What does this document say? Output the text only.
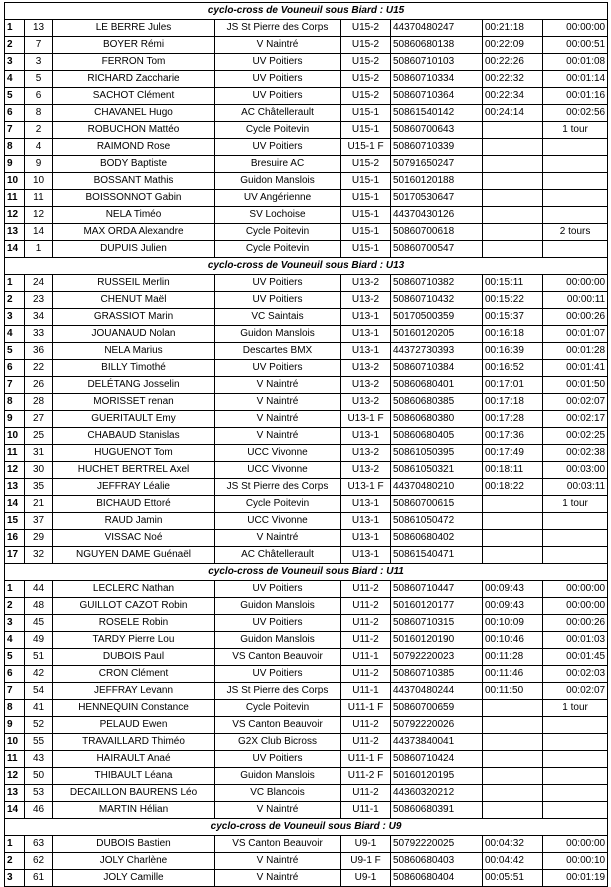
cyclo-cross de Vouneuil sous Biard : U15							
1	13	LE BERRE Jules	JS St Pierre des Corps	U15-2	44370480247	00:21:18	00:00:00
2	7	BOYER Rémi	V Naintré	U15-2	50860680138	00:22:09	00:00:51
3	3	FERRON Tom	UV Poitiers	U15-2	50860710103	00:22:26	00:01:08
4	5	RICHARD Zaccharie	UV Poitiers	U15-2	50860710334	00:22:32	00:01:14
5	6	SACHOT Clément	UV Poitiers	U15-2	50860710364	00:22:34	00:01:16
6	8	CHAVANEL Hugo	AC Châtellerault	U15-1	50861540142	00:24:14	00:02:56
7	2	ROBUCHON Mattéo	Cycle Poitevin	U15-1	50860700643		1 tour
8	4	RAIMOND Rose	UV Poitiers	U15-1 F	50860710339		
9	9	BODY Baptiste	Bresuire AC	U15-2	50791650247		
10	10	BOSSANT Mathis	Guidon Manslois	U15-1	50160120188		
11	11	BOISSONNOT Gabin	UV Angérienne	U15-1	50170530647		
12	12	NELA Timéo	SV Lochoise	U15-1	44370430126		
13	14	MAX ORDA Alexandre	Cycle Poitevin	U15-1	50860700618		2 tours
14	1	DUPUIS Julien	Cycle Poitevin	U15-1	50860700547		
cyclo-cross de Vouneuil sous Biard : U13							
1	24	RUSSEIL Merlin	UV Poitiers	U13-2	50860710382	00:15:11	00:00:00
2	23	CHENUT Maël	UV Poitiers	U13-2	50860710432	00:15:22	00:00:11
3	34	GRASSIOT Marin	VC Saintais	U13-1	50170500359	00:15:37	00:00:26
4	33	JOUANAUD Nolan	Guidon Manslois	U13-1	50160120205	00:16:18	00:01:07
5	36	NELA Marius	Descartes BMX	U13-1	44372730393	00:16:39	00:01:28
6	22	BILLY Timothé	UV Poitiers	U13-2	50860710384	00:16:52	00:01:41
7	26	DELÉTANG Josselin	V Naintré	U13-2	50860680401	00:17:01	00:01:50
8	28	MORISSET renan	V Naintré	U13-2	50860680385	00:17:18	00:02:07
9	27	GUERITAULT Emy	V Naintré	U13-1 F	50860680380	00:17:28	00:02:17
10	25	CHABAUD Stanislas	V Naintré	U13-1	50860680405	00:17:36	00:02:25
11	31	HUGUENOT Tom	UCC Vivonne	U13-2	50861050395	00:17:49	00:02:38
12	30	HUCHET BERTREL Axel	UCC Vivonne	U13-2	50861050321	00:18:11	00:03:00
13	35	JEFFRAY Léalie	JS St Pierre des Corps	U13-1 F	44370480210	00:18:22	00:03:11
14	21	BICHAUD Ettoré	Cycle Poitevin	U13-1	50860700615		1 tour
15	37	RAUD Jamin	UCC Vivonne	U13-1	50861050472		
16	29	VISSAC Noé	V Naintré	U13-1	50860680402		
17	32	NGUYEN DAME Guénaël	AC Châtellerault	U13-1	50861540471		
cyclo-cross de Vouneuil sous Biard : U11							
1	44	LECLERC Nathan	UV Poitiers	U11-2	50860710447	00:09:43	00:00:00
2	48	GUILLOT CAZOT Robin	Guidon Manslois	U11-2	50160120177	00:09:43	00:00:00
3	45	ROSELE Robin	UV Poitiers	U11-2	50860710315	00:10:09	00:00:26
4	49	TARDY Pierre Lou	Guidon Manslois	U11-2	50160120190	00:10:46	00:01:03
5	51	DUBOIS Paul	VS Canton Beauvoir	U11-1	50792220023	00:11:28	00:01:45
6	42	CRON Clément	UV Poitiers	U11-2	50860710385	00:11:46	00:02:03
7	54	JEFFRAY Levann	JS St Pierre des Corps	U11-1	44370480244	00:11:50	00:02:07
8	41	HENNEQUIN Constance	Cycle Poitevin	U11-1 F	50860700659		1 tour
9	52	PELAUD Ewen	VS Canton Beauvoir	U11-2	50792220026		
10	55	TRAVAILLARD Thiméo	G2X Club Bicross	U11-2	44373840041		
11	43	HAIRAULT Anaé	UV Poitiers	U11-1 F	50860710424		
12	50	THIBAULT Léana	Guidon Manslois	U11-2 F	50160120195		
13	53	DECAILLON BAURENS Léo	VC Blancois	U11-2	44360320212		
14	46	MARTIN Hélian	V Naintré	U11-1	50860680391		
cyclo-cross de Vouneuil sous Biard : U9							
1	63	DUBOIS Bastien	VS Canton Beauvoir	U9-1	50792220025	00:04:32	00:00:00
2	62	JOLY Charlène	V Naintré	U9-1 F	50860680403	00:04:42	00:00:10
3	61	JOLY Camille	V Naintré	U9-1	50860680404	00:05:51	00:01:19
